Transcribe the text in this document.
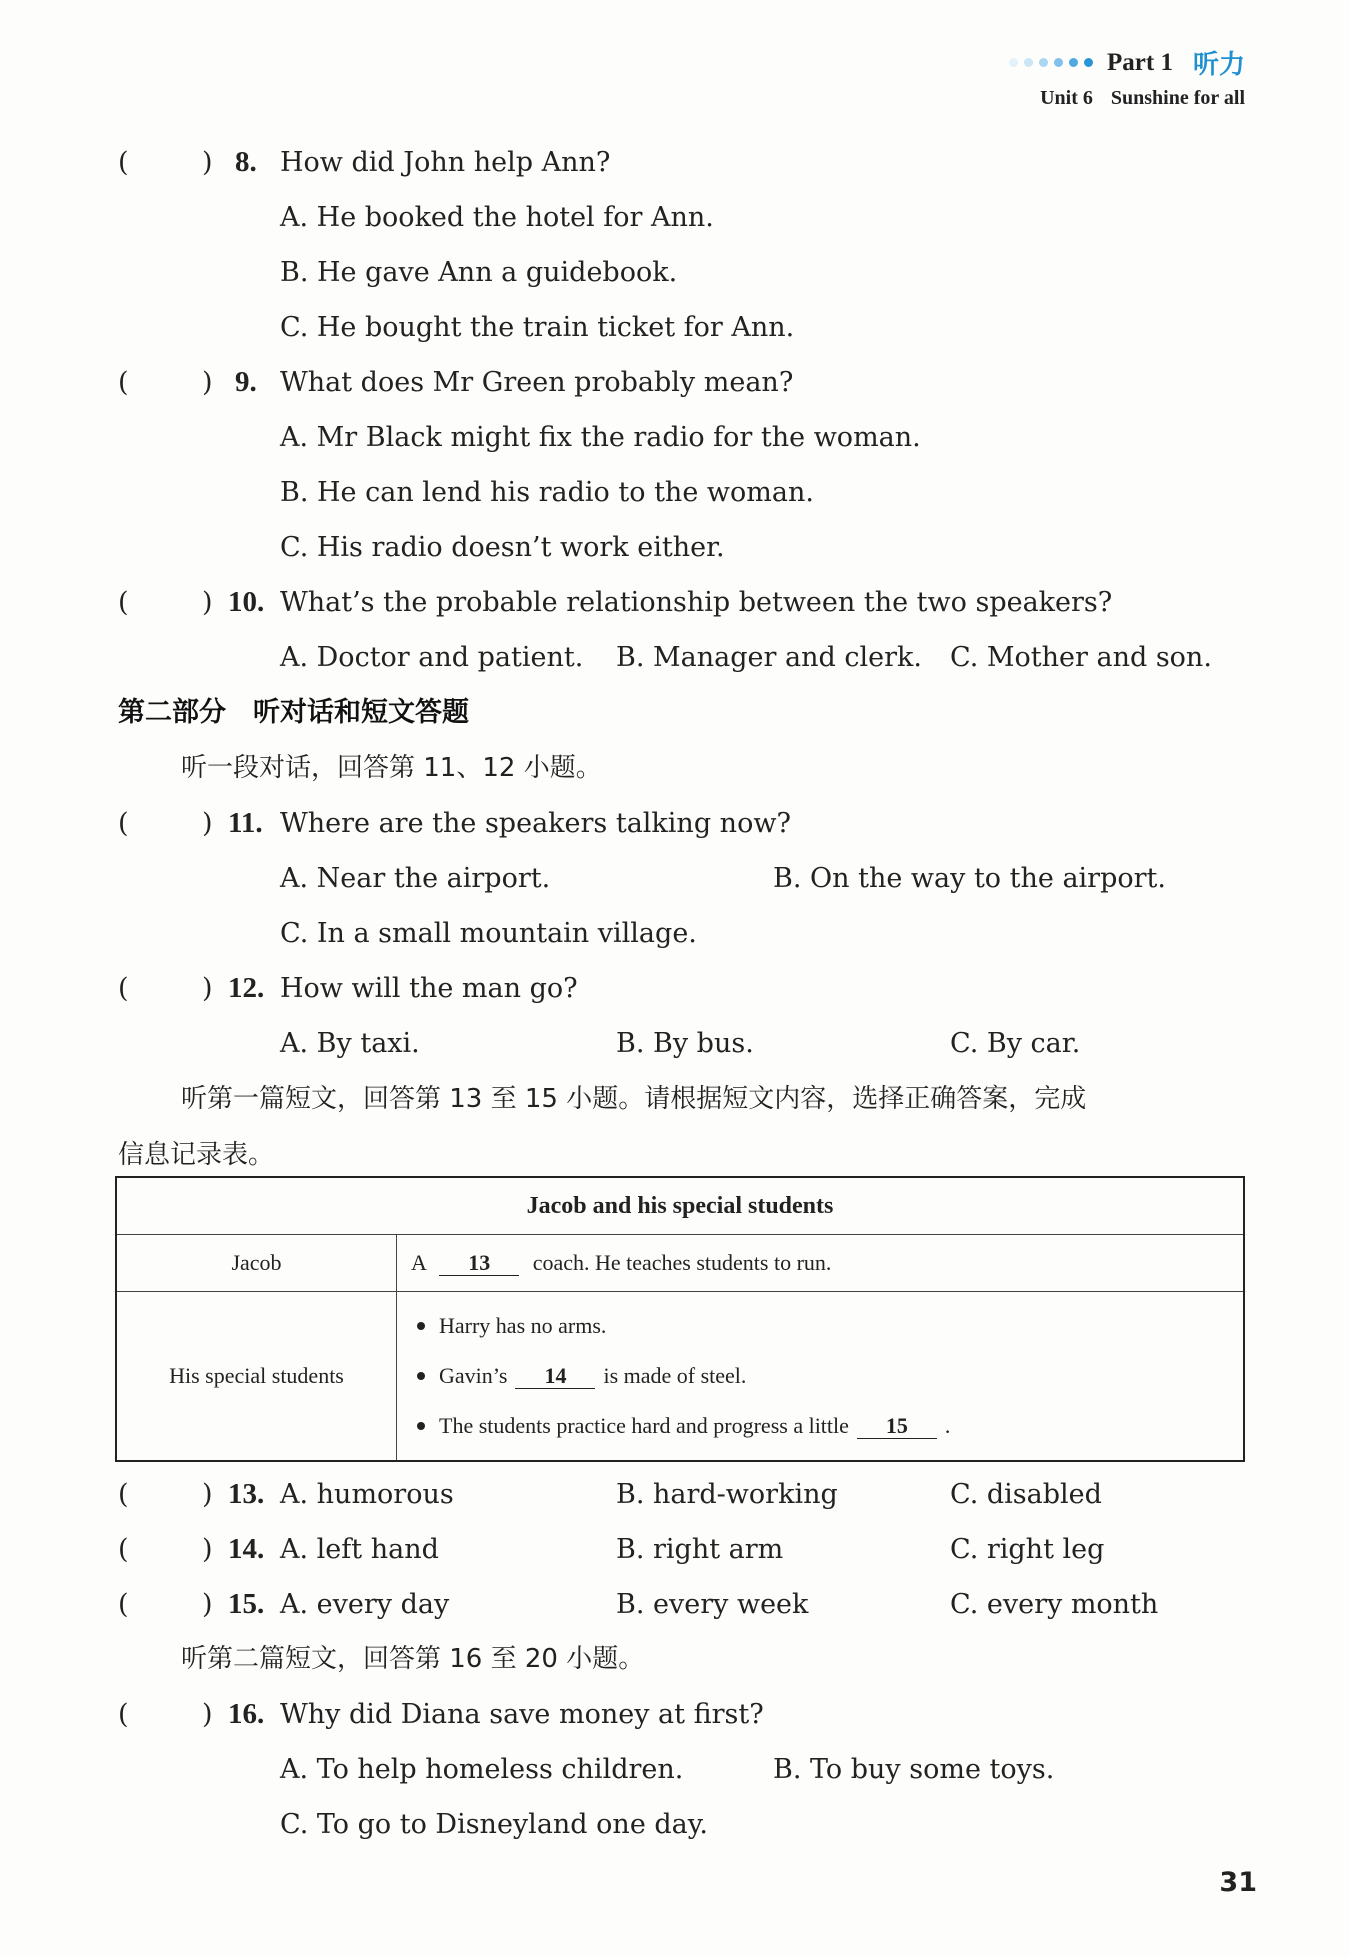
Part 1 听力
Unit 6 Sunshine for all
(	) 8. How did John help Ann?
A. He booked the hotel for Ann.
B. He gave Ann a guidebook.
C. He bought the train ticket for Ann.
(	) 9. What does Mr Green probably mean?
A. Mr Black might fix the radio for the woman.
B. He can lend his radio to the woman.
C. His radio doesn’t work either.
(	) 10. What’s the probable relationship between the two speakers?
A. Doctor and patient. B. Manager and clerk. C. Mother and son.
第二部分　听对话和短文答题
听一段对话，回答第 11、12 小题。
(	) 11. Where are the speakers talking now?
A. Near the airport.	B. On the way to the airport.
C. In a small mountain village.
(	) 12. How will the man go?
A. By taxi.	B. By bus.	C. By car.
听第一篇短文，回答第 13 至 15 小题。请根据短文内容，选择正确答案，完成
信息记录表。
Jacob and his special students	
Jacob	A 13 coach. He teaches students to run.
His special students	Harry has no arms.
Gavin’s 14 is made of steel.
The students practice hard and progress a little 15 .
(	) 13. A. humorous	B. hard-working	C. disabled
(	) 14. A. left hand	B. right arm	C. right leg
(	) 15. A. every day	B. every week	C. every month
听第二篇短文，回答第 16 至 20 小题。
(	) 16. Why did Diana save money at first?
A. To help homeless children.	B. To buy some toys.
C. To go to Disneyland one day.
31
